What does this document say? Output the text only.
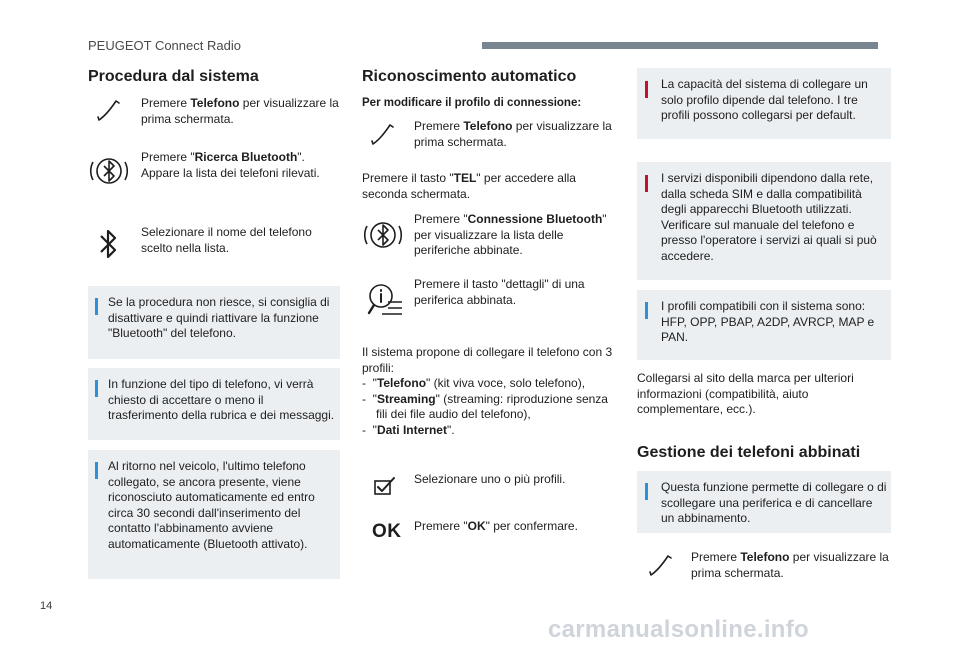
PEUGEOT Connect Radio
Procedura dal sistema
Premere Telefono per visualizzare la prima schermata.
Premere "Ricerca Bluetooth". Appare la lista dei telefoni rilevati.
Selezionare il nome del telefono scelto nella lista.
Se la procedura non riesce, si consiglia di disattivare e quindi riattivare la funzione "Bluetooth" del telefono.
In funzione del tipo di telefono, vi verrà chiesto di accettare o meno il trasferimento della rubrica e dei messaggi.
Al ritorno nel veicolo, l'ultimo telefono collegato, se ancora presente, viene riconosciuto automaticamente ed entro circa 30 secondi dall'inserimento del contatto l'abbinamento avviene automaticamente (Bluetooth attivato).
Riconoscimento automatico
Per modificare il profilo di connessione:
Premere Telefono per visualizzare la prima schermata.
Premere il tasto "TEL" per accedere alla seconda schermata.
Premere "Connessione Bluetooth" per visualizzare la lista delle periferiche abbinate.
Premere il tasto "dettagli" di una periferica abbinata.
Il sistema propone di collegare il telefono con 3 profili:
- "Telefono" (kit viva voce, solo telefono),
- "Streaming" (streaming: riproduzione senza fili dei file audio del telefono),
- "Dati Internet".
Selezionare uno o più profili.
OK Premere "OK" per confermare.
La capacità del sistema di collegare un solo profilo dipende dal telefono. I tre profili possono collegarsi per default.
I servizi disponibili dipendono dalla rete, dalla scheda SIM e dalla compatibilità degli apparecchi Bluetooth utilizzati. Verificare sul manuale del telefono e presso l'operatore i servizi ai quali si può accedere.
I profili compatibili con il sistema sono: HFP, OPP, PBAP, A2DP, AVRCP, MAP e PAN.
Collegarsi al sito della marca per ulteriori informazioni (compatibilità, aiuto complementare, ecc.).
Gestione dei telefoni abbinati
Questa funzione permette di collegare o di scollegare una periferica e di cancellare un abbinamento.
Premere Telefono per visualizzare la prima schermata.
14
carmanualsonline.info
